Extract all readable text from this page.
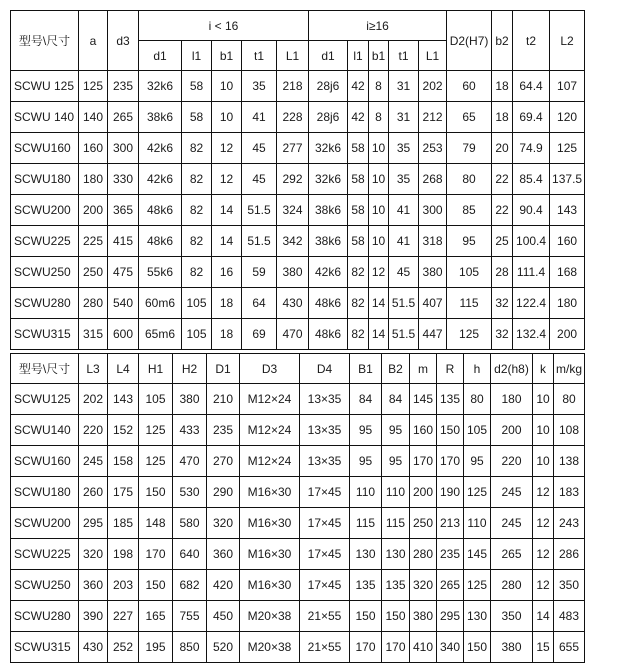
型号\尺寸	a	d3	i < 16					i≥16					D2(H7)	b2	t2	L2
			d1	l1	b1	t1	L1	d1	l1	b1	t1	L1				
SCWU 125	125	235	32k6	58	10	35	218	28j6	42	8	31	202	60	18	64.4	107
SCWU 140	140	265	38k6	58	10	41	228	28j6	42	8	31	212	65	18	69.4	120
SCWU160	160	300	42k6	82	12	45	277	32k6	58	10	35	253	79	20	74.9	125
SCWU180	180	330	42k6	82	12	45	292	32k6	58	10	35	268	80	22	85.4	137.5
SCWU200	200	365	48k6	82	14	51.5	324	38k6	58	10	41	300	85	22	90.4	143
SCWU225	225	415	48k6	82	14	51.5	342	38k6	58	10	41	318	95	25	100.4	160
SCWU250	250	475	55k6	82	16	59	380	42k6	82	12	45	380	105	28	111.4	168
SCWU280	280	540	60m6	105	18	64	430	48k6	82	14	51.5	407	115	32	122.4	180
SCWU315	315	600	65m6	105	18	69	470	48k6	82	14	51.5	447	125	32	132.4	200
型号\尺寸	L3	L4	H1	H2	D1	D3	D4	B1	B2	m	R	h	d2(h8)	k	m/kg
SCWU125	202	143	105	380	210	M12×24	13×35	84	84	145	135	80	180	10	80
SCWU140	220	152	125	433	235	M12×24	13×35	95	95	160	150	105	200	10	108
SCWU160	245	158	125	470	270	M12×24	13×35	95	95	170	170	95	220	10	138
SCWU180	260	175	150	530	290	M16×30	17×45	110	110	200	190	125	245	12	183
SCWU200	295	185	148	580	320	M16×30	17×45	115	115	250	213	110	245	12	243
SCWU225	320	198	170	640	360	M16×30	17×45	130	130	280	235	145	265	12	286
SCWU250	360	203	150	682	420	M16×30	17×45	135	135	320	265	125	280	12	350
SCWU280	390	227	165	755	450	M20×38	21×55	150	150	380	295	130	350	14	483
SCWU315	430	252	195	850	520	M20×38	21×55	170	170	410	340	150	380	15	655
